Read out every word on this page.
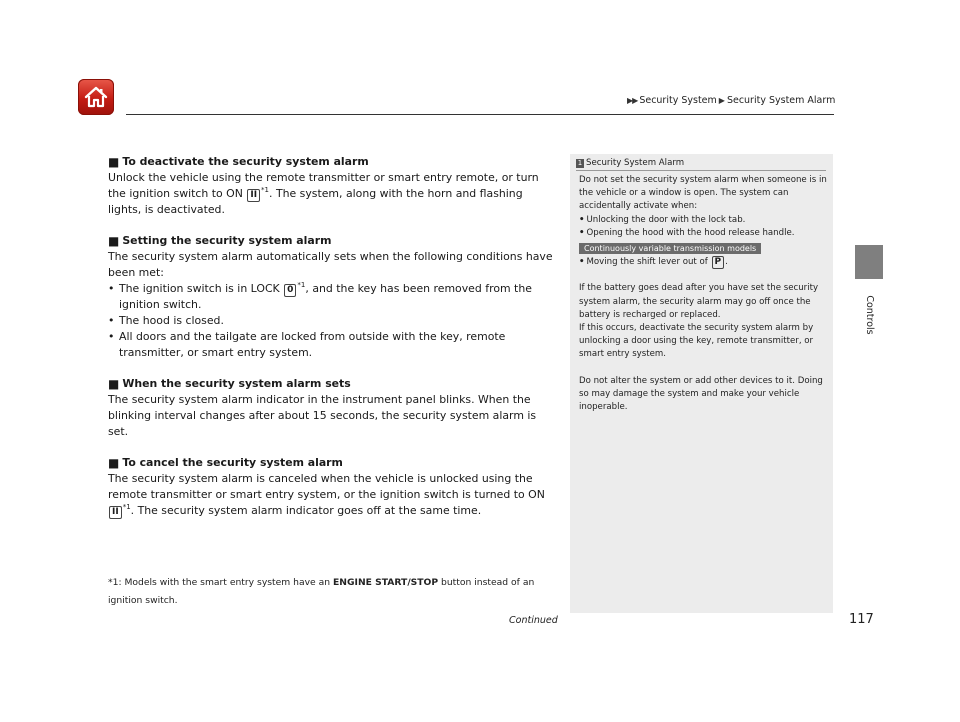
▶▶ Security System ▶ Security System Alarm
Controls
■ To deactivate the security system alarm

Unlock the vehicle using the remote transmitter or smart entry remote, or turn the ignition switch to ON II $^{*1}$. The system, along with the horn and flashing lights, is deactivated.

■ Setting the security system alarm

The security system alarm automatically sets when the following conditions have been met:

• The ignition switch is in LOCK 0 $^{*1}$, and the key has been removed from the ignition switch.
• The hood is closed.
• All doors and the tailgate are locked from outside with the key, remote transmitter, or smart entry system.
■ When the security system alarm sets

The security system alarm indicator in the instrument panel blinks. When the blinking interval changes after about 15 seconds, the security system alarm is set.

■ To cancel the security system alarm

The security system alarm is canceled when the vehicle is unlocked using the remote transmitter or smart entry system, or the ignition switch is turned to ON II $^{*1}$. The security system alarm indicator goes off at the same time.

*1: Models with the smart entry system have an ENGINE START/STOP button instead of an ignition switch.
1 Security System Alarm

Do not set the security system alarm when someone is in the vehicle or a window is open. The system can accidentally activate when:

• Unlocking the door with the lock tab.
• Opening the hood with the hood release handle.
Continuously variable transmission models
• Moving the shift lever out of P .

If the battery goes dead after you have set the security system alarm, the security alarm may go off once the battery is recharged or replaced.

If this occurs, deactivate the security system alarm by unlocking a door using the key, remote transmitter, or smart entry system.

Do not alter the system or add other devices to it. Doing so may damage the system and make your vehicle inoperable.

Continued	117
